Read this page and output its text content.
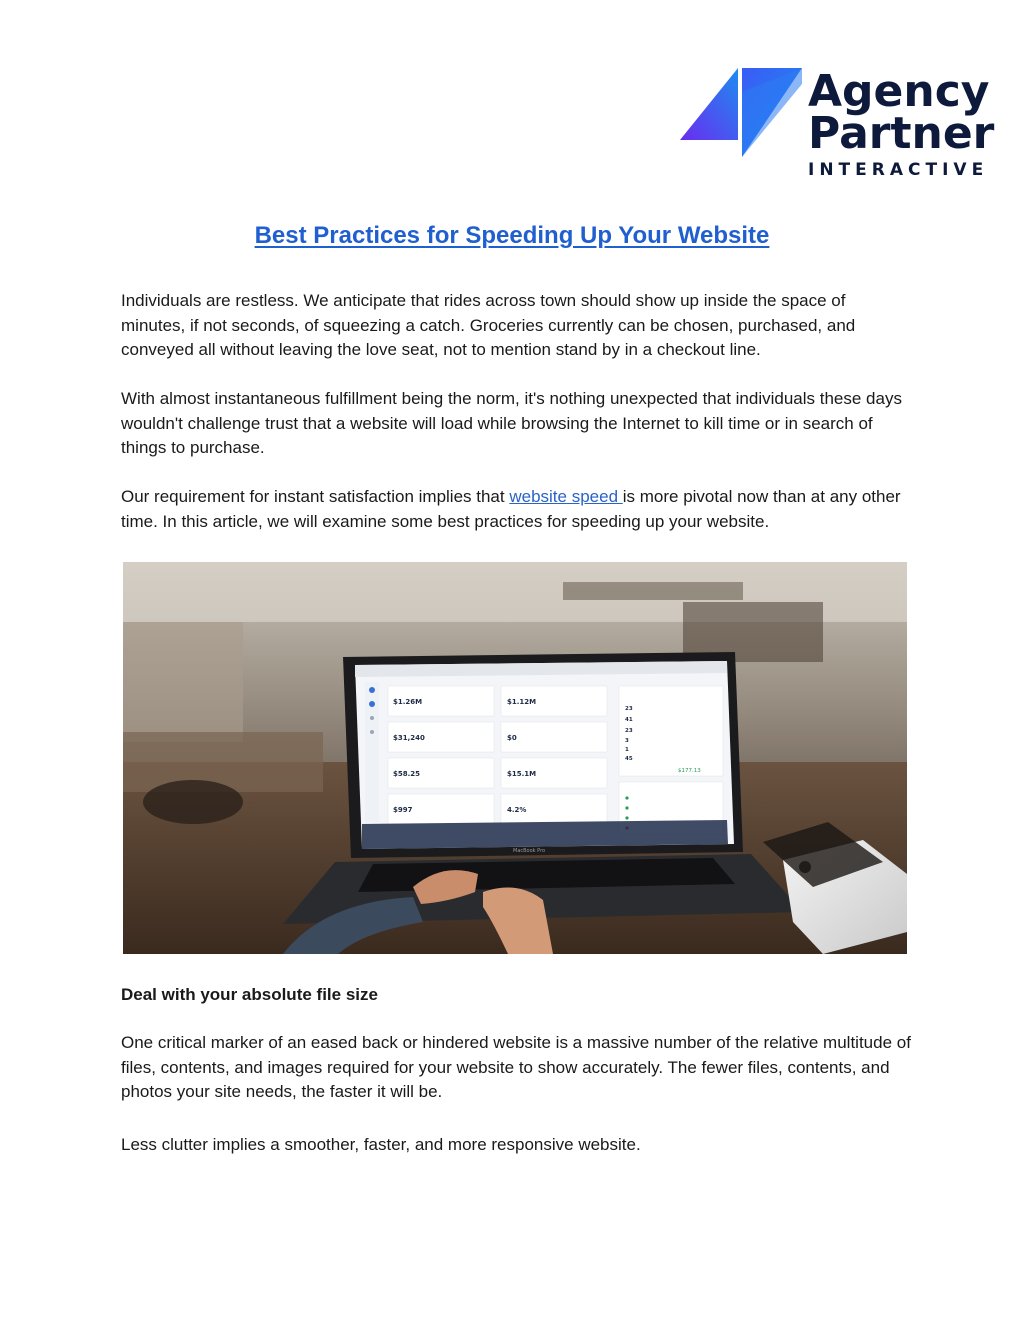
Agency
Partner
INTERACTIVE
Best Practices for Speeding Up Your Website

Individuals are restless. We anticipate that rides across town should show up inside the space of minutes, if not seconds, of squeezing a catch. Groceries currently can be chosen, purchased, and conveyed all without leaving the love seat, not to mention stand by in a checkout line.

With almost instantaneous fulfillment being the norm, it's nothing unexpected that individuals these days wouldn't challenge trust that a website will load while browsing the Internet to kill time or in search of things to purchase.

Our requirement for instant satisfaction implies that website speed is more pivotal now than at any other time. In this article, we will examine some best practices for speeding up your website.

$1.26M	$1.12M
$31,240	$0
$58.25	$15.1M
$997	4.2%
23
41
23
3
1
45
$177.13
MacBook Pro
Deal with your absolute file size

One critical marker of an eased back or hindered website is a massive number of the relative multitude of files, contents, and images required for your website to show accurately. The fewer files, contents, and photos your site needs, the faster it will be.

Less clutter implies a smoother, faster, and more responsive website.
